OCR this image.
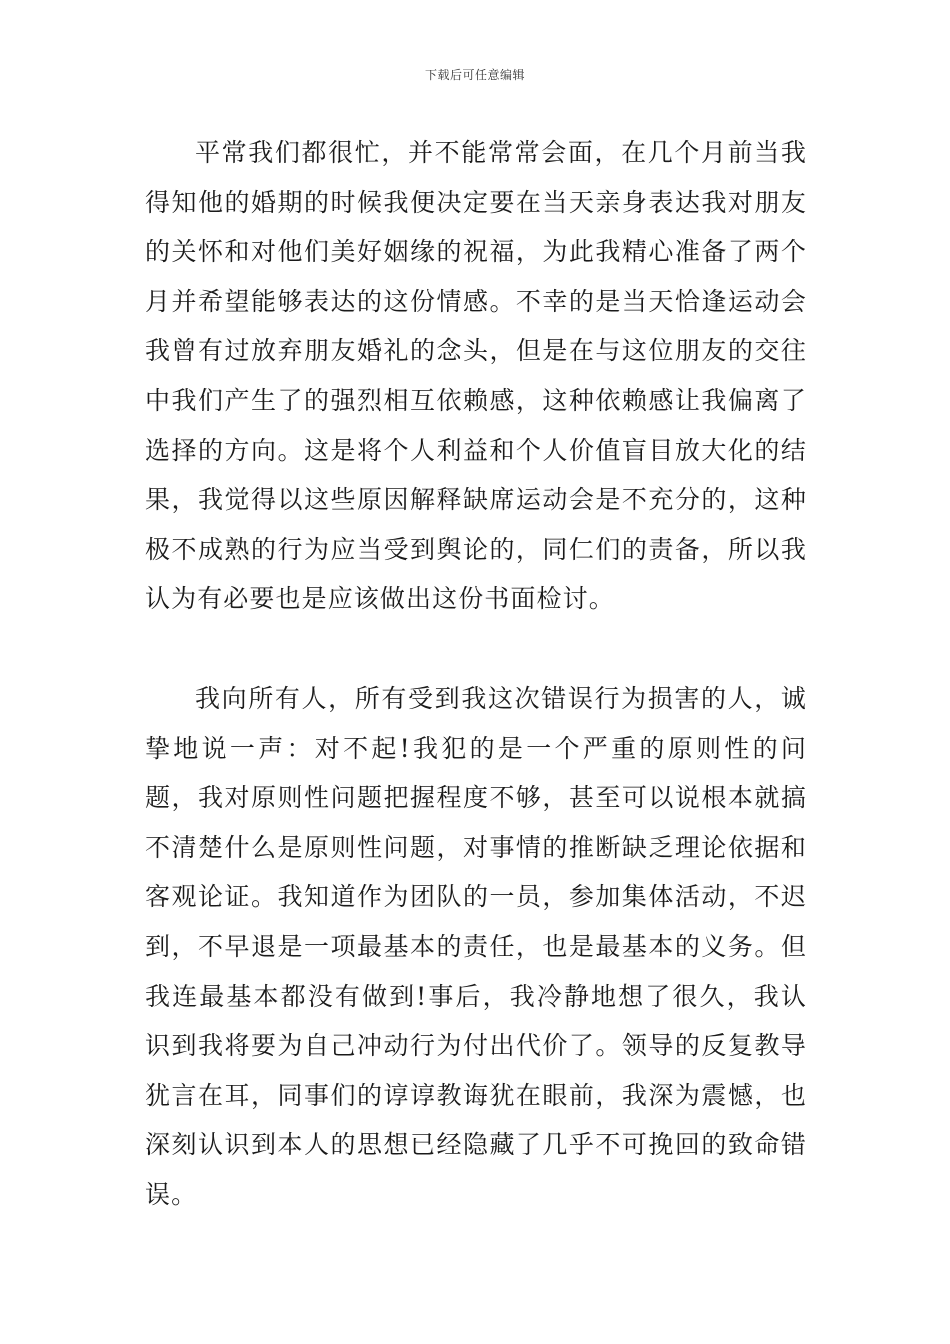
下载后可任意编辑

平常我们都很忙，并不能常常会面，在几个月前当我得知他的婚期的时候我便决定要在当天亲身表达我对朋友的关怀和对他们美好姻缘的祝福，为此我精心准备了两个月并希望能够表达的这份情感。不幸的是当天恰逢运动会我曾有过放弃朋友婚礼的念头，但是在与这位朋友的交往中我们产生了的强烈相互依赖感，这种依赖感让我偏离了选择的方向。这是将个人利益和个人价值盲目放大化的结果，我觉得以这些原因解释缺席运动会是不充分的，这种极不成熟的行为应当受到舆论的，同仁们的责备，所以我认为有必要也是应该做出这份书面检讨。

我向所有人，所有受到我这次错误行为损害的人，诚挚地说一声：对不起!我犯的是一个严重的原则性的问题，我对原则性问题把握程度不够，甚至可以说根本就搞不清楚什么是原则性问题，对事情的推断缺乏理论依据和客观论证。我知道作为团队的一员，参加集体活动，不迟到，不早退是一项最基本的责任，也是最基本的义务。但我连最基本都没有做到!事后，我冷静地想了很久，我认识到我将要为自己冲动行为付出代价了。领导的反复教导犹言在耳，同事们的谆谆教诲犹在眼前，我深为震憾，也深刻认识到本人的思想已经隐藏了几乎不可挽回的致命错误。
